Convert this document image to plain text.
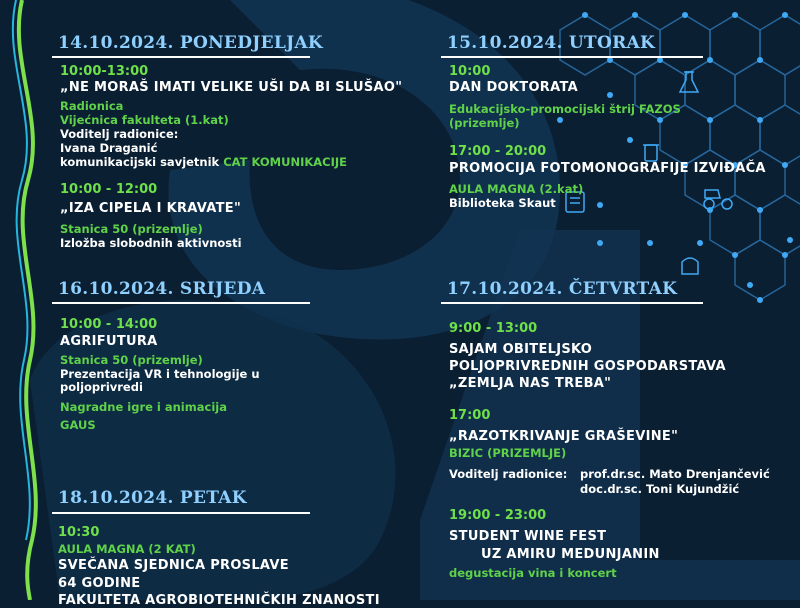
14.10.2024. PONEDJELJAK
10:00-13:00
„NE MORAŠ IMATI VELIKE UŠI DA BI SLUŠAO"
Radionica
Vijećnica fakulteta (1.kat)
Voditelj radionice:
Ivana Draganić
komunikacijski savjetnik CAT KOMUNIKACIJE
10:00 - 12:00
„IZA CIPELA I KRAVATE"
Stanica 50 (prizemlje)
Izložba slobodnih aktivnosti
15.10.2024. UTORAK
10:00
DAN DOKTORATA
Edukacijsko-promocijski štrij FAZOS
(prizemlje)
17:00 - 20:00
PROMOCIJA FOTOMONOGRAFIJE IZVIĐAČA
AULA MAGNA (2.kat)
Biblioteka Skaut
16.10.2024. SRIJEDA
10:00 - 14:00
AGRIFUTURA
Stanica 50 (prizemlje)
Prezentacija VR i tehnologije u
poljoprivredi
Nagradne igre i animacija
GAUS
17.10.2024. ČETVRTAK
9:00 - 13:00
SAJAM OBITELJSKO
POLJOPRIVREDNIH GOSPODARSTAVA
„ZEMLJA NAS TREBA"
17:00
„RAZOTKRIVANJE GRAŠEVINE"
BIZIC (PRIZEMLJE)
Voditelj radionice: prof.dr.sc. Mato Drenjančević
doc.dr.sc. Toni Kujundžić
19:00 - 23:00
STUDENT WINE FEST
UZ AMIRU MEDUNJANIN
degustacija vina i koncert
18.10.2024. PETAK
10:30
AULA MAGNA (2 KAT)
SVEČANA SJEDNICA PROSLAVE
64 GODINE
FAKULTETA AGROBIOTEHNIČKIH ZNANOSTI
